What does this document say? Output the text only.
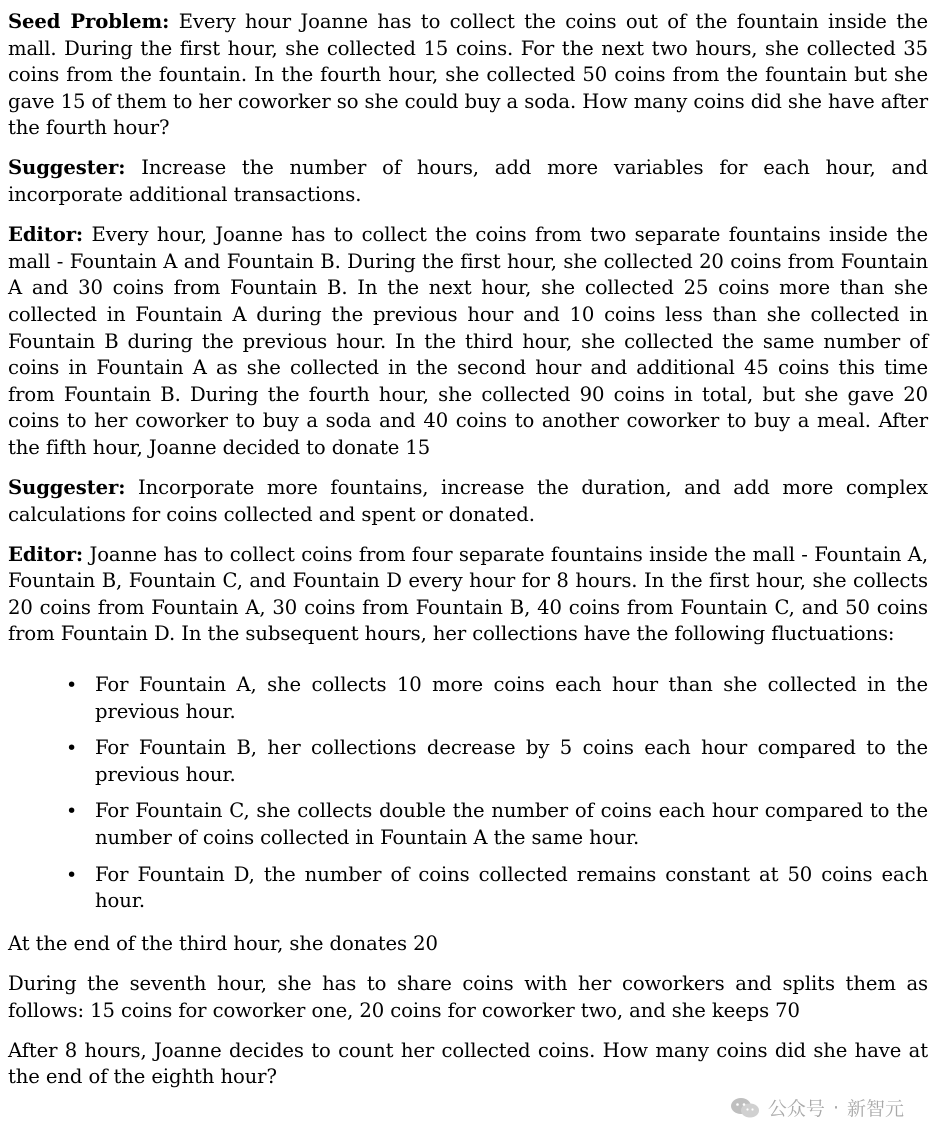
Seed Problem: Every hour Joanne has to collect the coins out of the fountain inside the mall. During the first hour, she collected 15 coins. For the next two hours, she collected 35 coins from the fountain. In the fourth hour, she collected 50 coins from the fountain but she gave 15 of them to her coworker so she could buy a soda. How many coins did she have after the fourth hour?

Suggester: Increase the number of hours, add more variables for each hour, and incorporate additional transactions.

Editor: Every hour, Joanne has to collect the coins from two separate fountains inside the mall - Fountain A and Fountain B. During the first hour, she collected 20 coins from Fountain A and 30 coins from Fountain B. In the next hour, she collected 25 coins more than she collected in Fountain A during the previous hour and 10 coins less than she collected in Fountain B during the previous hour. In the third hour, she collected the same number of coins in Fountain A as she collected in the second hour and additional 45 coins this time from Fountain B. During the fourth hour, she collected 90 coins in total, but she gave 20 coins to her coworker to buy a soda and 40 coins to another coworker to buy a meal. After the fifth hour, Joanne decided to donate 15

Suggester: Incorporate more fountains, increase the duration, and add more complex calculations for coins collected and spent or donated.

Editor: Joanne has to collect coins from four separate fountains inside the mall - Fountain A, Fountain B, Fountain C, and Fountain D every hour for 8 hours. In the first hour, she collects 20 coins from Fountain A, 30 coins from Fountain B, 40 coins from Fountain C, and 50 coins from Fountain D. In the subsequent hours, her collections have the following fluctuations:

• For Fountain A, she collects 10 more coins each hour than she collected in the previous hour.
• For Fountain B, her collections decrease by 5 coins each hour compared to the previous hour.
• For Fountain C, she collects double the number of coins each hour compared to the number of coins collected in Fountain A the same hour.
• For Fountain D, the number of coins collected remains constant at 50 coins each hour.

At the end of the third hour, she donates 20

During the seventh hour, she has to share coins with her coworkers and splits them as follows: 15 coins for coworker one, 20 coins for coworker two, and she keeps 70

After 8 hours, Joanne decides to count her collected coins. How many coins did she have at the end of the eighth hour?

公众号 · 新智元
